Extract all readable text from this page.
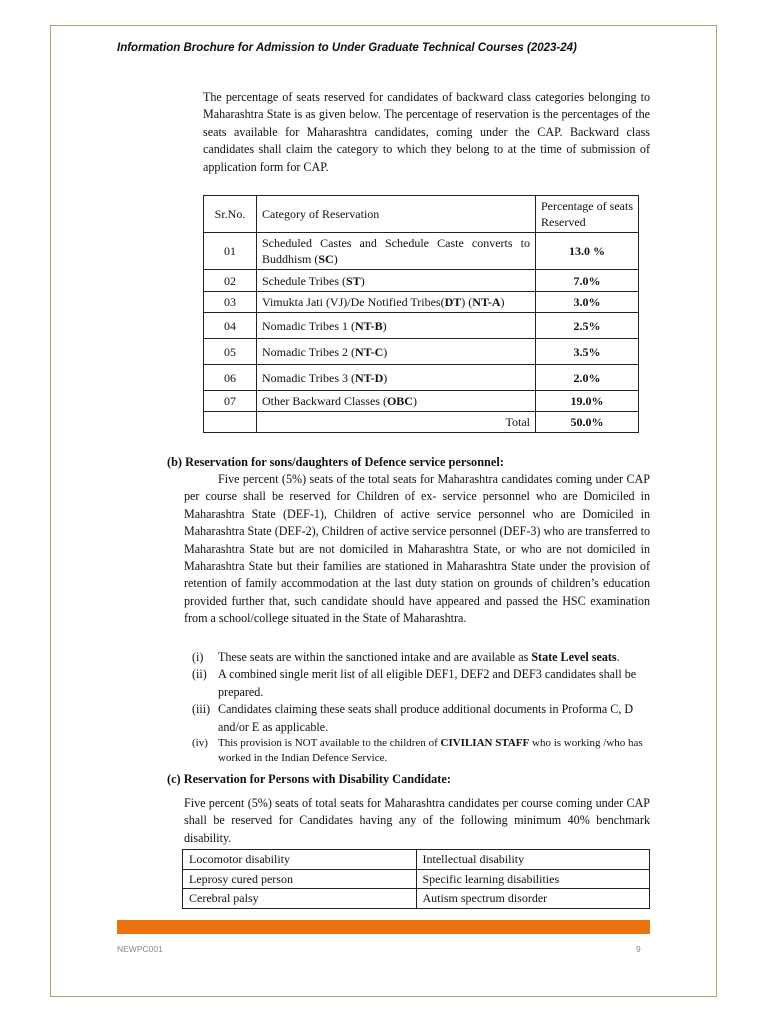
Information Brochure for Admission to Under Graduate Technical Courses (2023-24)

The percentage of seats reserved for candidates of backward class categories belonging to Maharashtra State is as given below. The percentage of reservation is the percentages of the seats available for Maharashtra candidates, coming under the CAP. Backward class candidates shall claim the category to which they belong to at the time of submission of application form for CAP.

Sr.No.	Category of Reservation	Percentage of seats Reserved
01	Scheduled Castes and Schedule Caste converts to Buddhism (SC)	13.0 %
02	Schedule Tribes (ST)	7.0%
03	Vimukta Jati (VJ)/De Notified Tribes(DT) (NT-A)	3.0%
04	Nomadic Tribes 1 (NT-B)	2.5%
05	Nomadic Tribes 2 (NT-C)	3.5%
06	Nomadic Tribes 3 (NT-D)	2.0%
07	Other Backward Classes (OBC)	19.0%
	Total	50.0%
(b) Reservation for sons/daughters of Defence service personnel:

Five percent (5%) seats of the total seats for Maharashtra candidates coming under CAP per course shall be reserved for Children of ex- service personnel who are Domiciled in Maharashtra State (DEF-1), Children of active service personnel who are Domiciled in Maharashtra State (DEF-2), Children of active service personnel (DEF-3) who are transferred to Maharashtra State but are not domiciled in Maharashtra State, or who are not domiciled in Maharashtra State but their families are stationed in Maharashtra State under the provision of retention of family accommodation at the last duty station on grounds of children’s education provided further that, such candidate should have appeared and passed the HSC examination from a school/college situated in the State of Maharashtra.

(i)	These seats are within the sanctioned intake and are available as State Level seats.
(ii) A combined single merit list of all eligible DEF1, DEF2 and DEF3 candidates shall be prepared.
(iii) Candidates claiming these seats shall produce additional documents in Proforma C, D and/or E as applicable.
(iv) This provision is NOT available to the children of CIVILIAN STAFF who is working /who has worked in the Indian Defence Service.
(c) Reservation for Persons with Disability Candidate:

Five percent (5%) seats of total seats for Maharashtra candidates per course coming under CAP shall be reserved for Candidates having any of the following minimum 40% benchmark disability.

Locomotor disability	Intellectual disability
Leprosy cured person	Specific learning disabilities
Cerebral palsy	Autism spectrum disorder
NEWPC001	9
